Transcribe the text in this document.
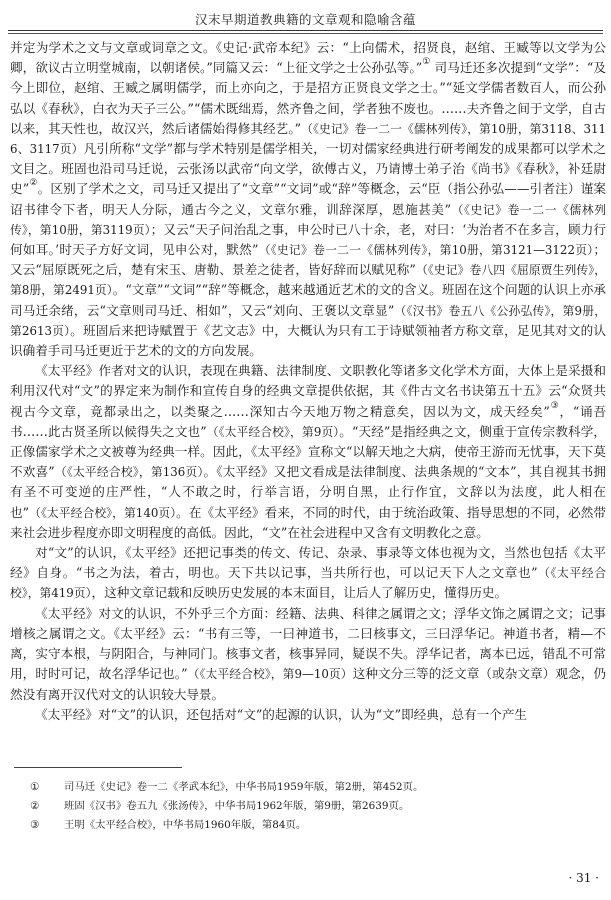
汉末早期道教典籍的文章观和隐喻含蕴

并定为学术之文与文章或词章之文。《史记·武帝本纪》云：“上向儒术，招贤良，赵绾、王臧等以文学为公卿，欲议古立明堂城南，以朝诸侯。”同篇又云：“上征文学之士公孙弘等。”① 司马迁还多次提到“文学”：“及今上即位，赵绾、王臧之属明儒学，而上亦向之，于是招方正贤良文学之士。”“延文学儒者数百人，而公孙弘以《春秋》，白衣为天子三公。”“儒术既绌焉，然齐鲁之间，学者独不废也。……夫齐鲁之间于文学，自古以来，其天性也，故汉兴，然后诸儒始得修其经艺。”（《史记》卷一二一《儒林列传》，第10册，第3118、3116、3117页）凡引所称“文学”都与学术特别是儒学相关，一切对儒家经典进行研考阐发的成果都可以学术之文目之。班固也沿司马迁说，云张汤以武帝“向文学，欲傅古义，乃请博士弟子治《尚书》《春秋》，补廷尉史”②。区别了学术之文，司马迁又提出了“文章”“文词”或“辞”等概念，云“臣（指公孙弘——引者注）谨案诏书律令下者，明天人分际，通古今之义，文章尔雅，训辞深厚，恩施甚美”（《史记》卷一二一《儒林列传》，第10册，第3119页）；又云“天子问治乱之事，申公时已八十余，老，对曰：‘为治者不在多言，顾力行何如耳。’时天子方好文词，见申公对，默然”（《史记》卷一二一《儒林列传》，第10册，第3121—3122页）；又云“屈原既死之后，楚有宋玉、唐勒、景差之徒者，皆好辞而以赋见称”（《史记》卷八四《屈原贾生列传》，第8册，第2491页）。“文章”“文词”“辞”等概念，越来越通近艺术的文的含义。班固在这个问题的认识上亦承司马迁余绪，云“文章则司马迁、相如”，又云“刘向、王褒以文章显”（《汉书》卷五八《公孙弘传》，第9册，第2613页）。班固后来把诗赋置于《艺文志》中，大概认为只有工于诗赋领袖者方称文章，足见其对文的认识确着手司马迁更近于艺术的文的方向发展。

《太平经》作者对文的认识，表现在典籍、法律制度、文职教化等诸多文化学术方面，大体上是采摄和利用汉代对“文”的界定来为制作和宣传自身的经典文章提供依据，其《件古文名书诀第五十五》云“众贤共视古今文章，竟都录出之，以类聚之……深知古今天地万物之精意矣，因以为文，成天经矣”③，“诵吾书……此古贤圣所以候得失之文也”（《太平经合校》，第9页）。“天经”是指经典之文，侧重于宣传宗教科学，正像儒家学术之文被尊为经典一样。因此，《太平经》宣称文“以解天地之大病，使帝王游而无忧事，天下莫不欢喜”（《太平经合校》，第136页）。《太平经》又把文看成是法律制度、法典条规的“文本”，其自视其书拥有圣不可变逆的庄严性，“人不敢之时，行举言语，分明自黑，止行作宜，文辞以为法度，此人相在也”（《太平经合校》，第140页）。在《太平经》看来，不同的时代，由于统治政策、指导思想的不同，必然带来社会进步程度亦即文明程度的高低。因此，“文”在社会进程中又含有文明教化之意。

对“文”的认识，《太平经》还把记事类的传文、传记、杂录、事录等文体也视为文，当然也包括《太平经》自身。“书之为法，着古，明也。天下共以记事，当共所行也，可以记天下人之文章也”（《太平经合校》，第419页），这种文章记载和反映历史发展的本末面目，让后人了解历史，懂得历史。

《太平经》对文的认识，不外乎三个方面：经籍、法典、科律之属谓之文；浮华文饰之属谓之文；记事增核之属谓之文。《太平经》云：“书有三等，一曰神道书，二曰核事文，三曰浮华记。神道书者，精—不离，实守本根，与阴阳合，与神同门。核事文者，核事异同，疑误不失。浮华记者，离本已远，错乱不可常用，时时可记，故名浮华记也。”（《太平经合校》，第9—10页）这种文分三等的泛文章（或杂文章）观念，仍然没有离开汉代对文的认识较大导景。

《太平经》对“文”的认识，还包括对“文”的起源的认识，认为“文”即经典，总有一个产生

① 司马迁《史记》卷一二《孝武本纪》，中华书局1959年版，第2册，第452页。
② 班固《汉书》卷五九《张汤传》，中华书局1962年版，第9册，第2639页。
③ 王明《太平经合校》，中华书局1960年版，第84页。
· 31 ·
